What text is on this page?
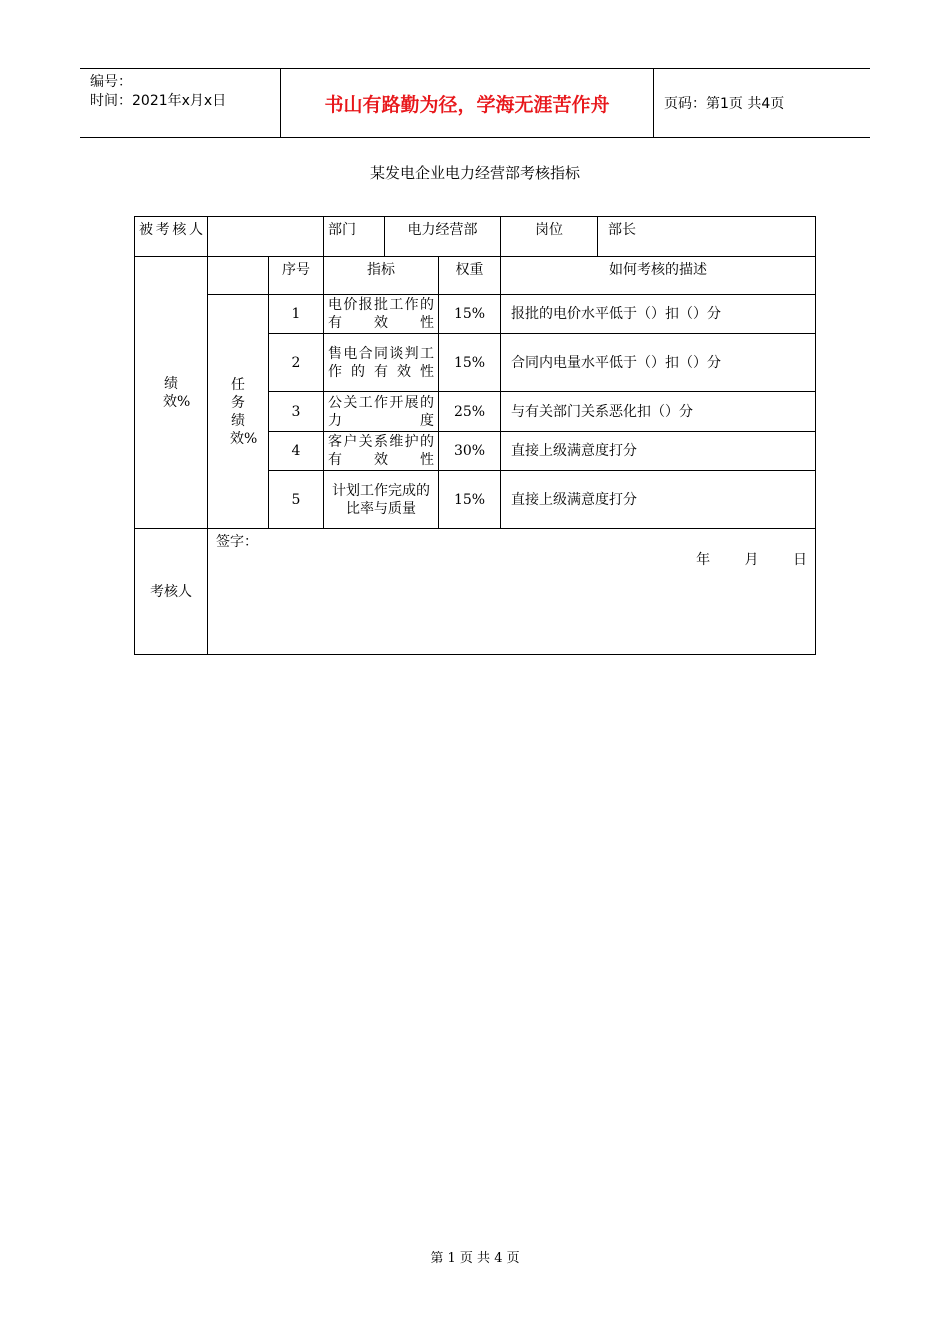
编号：
时间：2021年x月x日	书山有路勤为径，学海无涯苦作舟	页码：第1页 共4页
某发电企业电力经营部考核指标
被考核人			部门	电力经营部		岗位	部长
绩效%		序号	指标		权重	如何考核的描述	
	任务绩效%	1	电价报批工作的有效性		15%	报批的电价水平低于（）扣（）分	
		2	售电合同谈判工作的有效性		15%	合同内电量水平低于（）扣（）分	
		3	公关工作开展的力度		25%	与有关部门关系恶化扣（）分	
		4	客户关系维护的有效性		30%	直接上级满意度打分	
		5	计划工作完成的比率与质量		15%	直接上级满意度打分	
考核人	签字：
年 月 日						
第 1 页 共 4 页
